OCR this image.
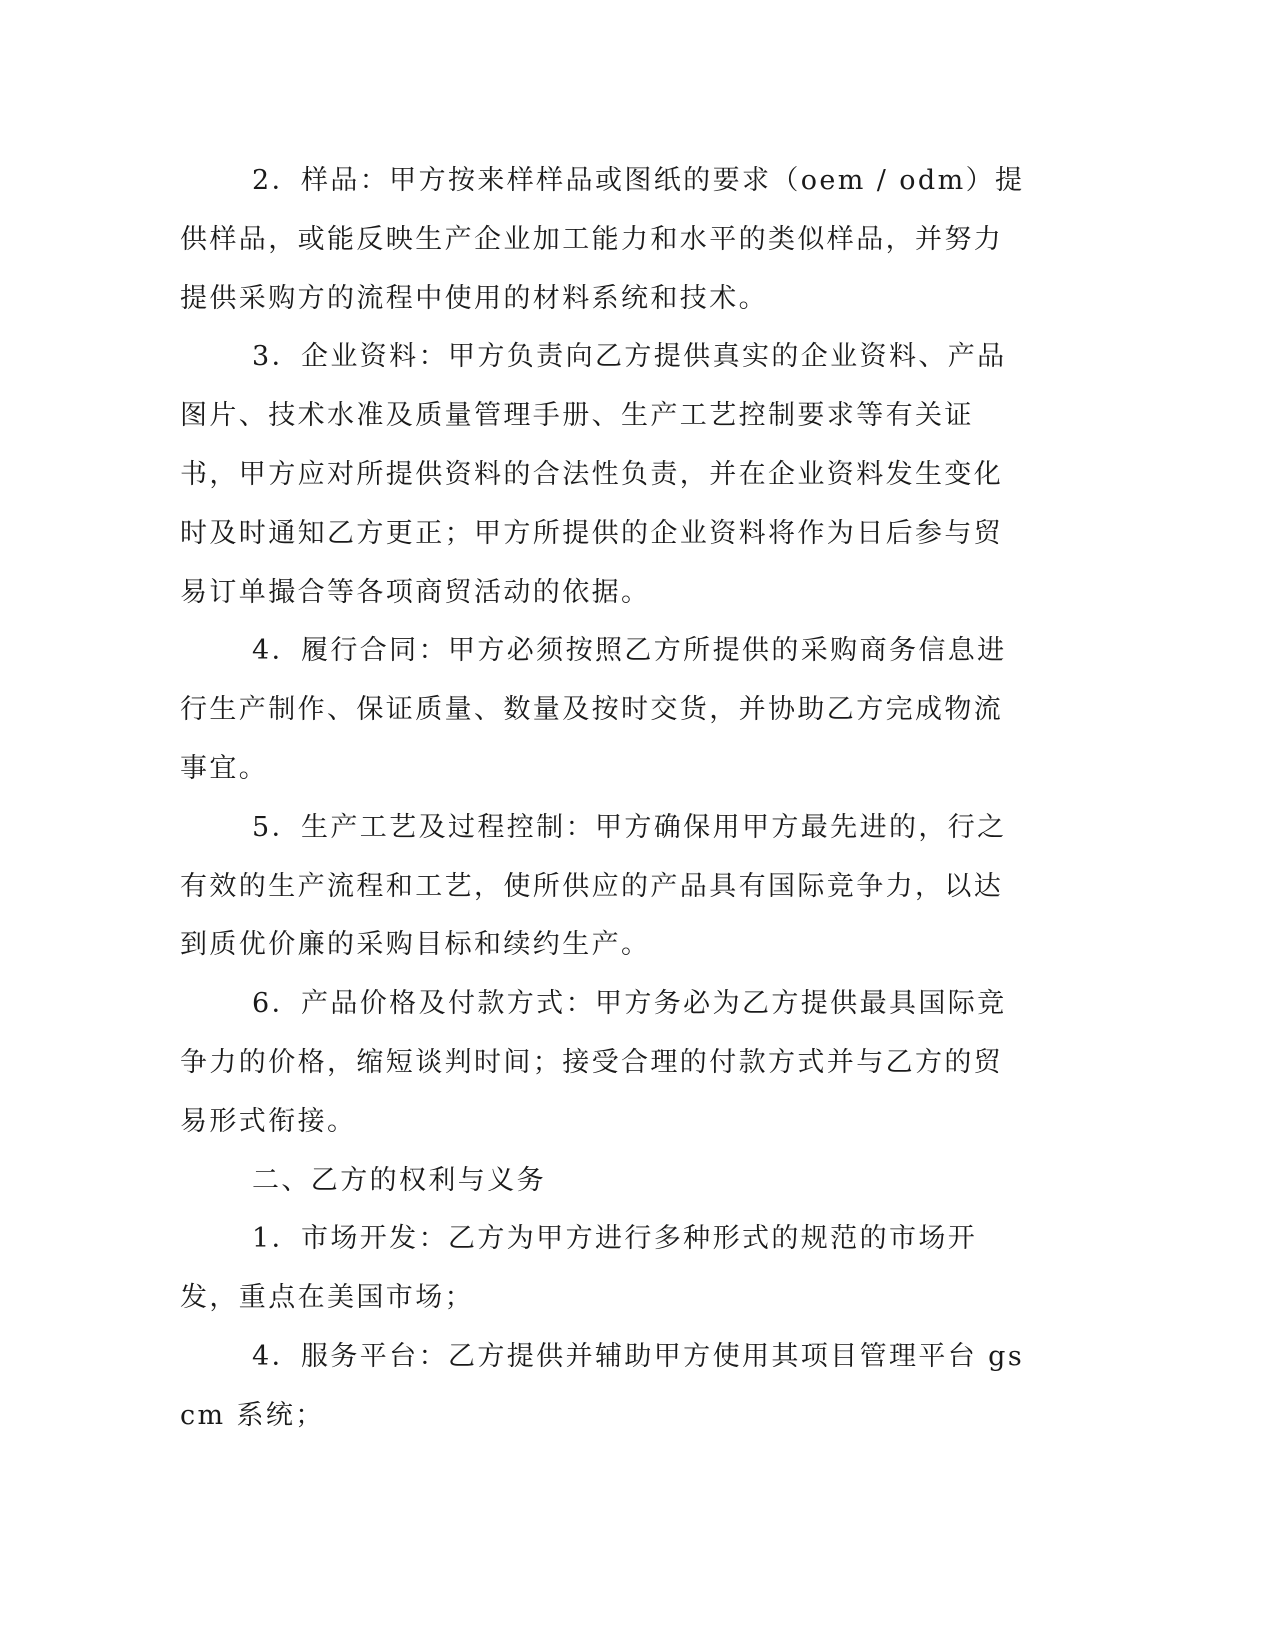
2．样品：甲方按来样样品或图纸的要求（oem / odm）提供样品，或能反映生产企业加工能力和水平的类似样品，并努力提供采购方的流程中使用的材料系统和技术。

3．企业资料：甲方负责向乙方提供真实的企业资料、产品图片、技术水准及质量管理手册、生产工艺控制要求等有关证书，甲方应对所提供资料的合法性负责，并在企业资料发生变化时及时通知乙方更正；甲方所提供的企业资料将作为日后参与贸易订单撮合等各项商贸活动的依据。

4．履行合同：甲方必须按照乙方所提供的采购商务信息进行生产制作、保证质量、数量及按时交货，并协助乙方完成物流事宜。

5．生产工艺及过程控制：甲方确保用甲方最先进的，行之有效的生产流程和工艺，使所供应的产品具有国际竞争力，以达到质优价廉的采购目标和续约生产。

6．产品价格及付款方式：甲方务必为乙方提供最具国际竞争力的价格，缩短谈判时间；接受合理的付款方式并与乙方的贸易形式衔接。

二、乙方的权利与义务

1．市场开发：乙方为甲方进行多种形式的规范的市场开发，重点在美国市场；

4．服务平台：乙方提供并辅助甲方使用其项目管理平台 gscm 系统；
